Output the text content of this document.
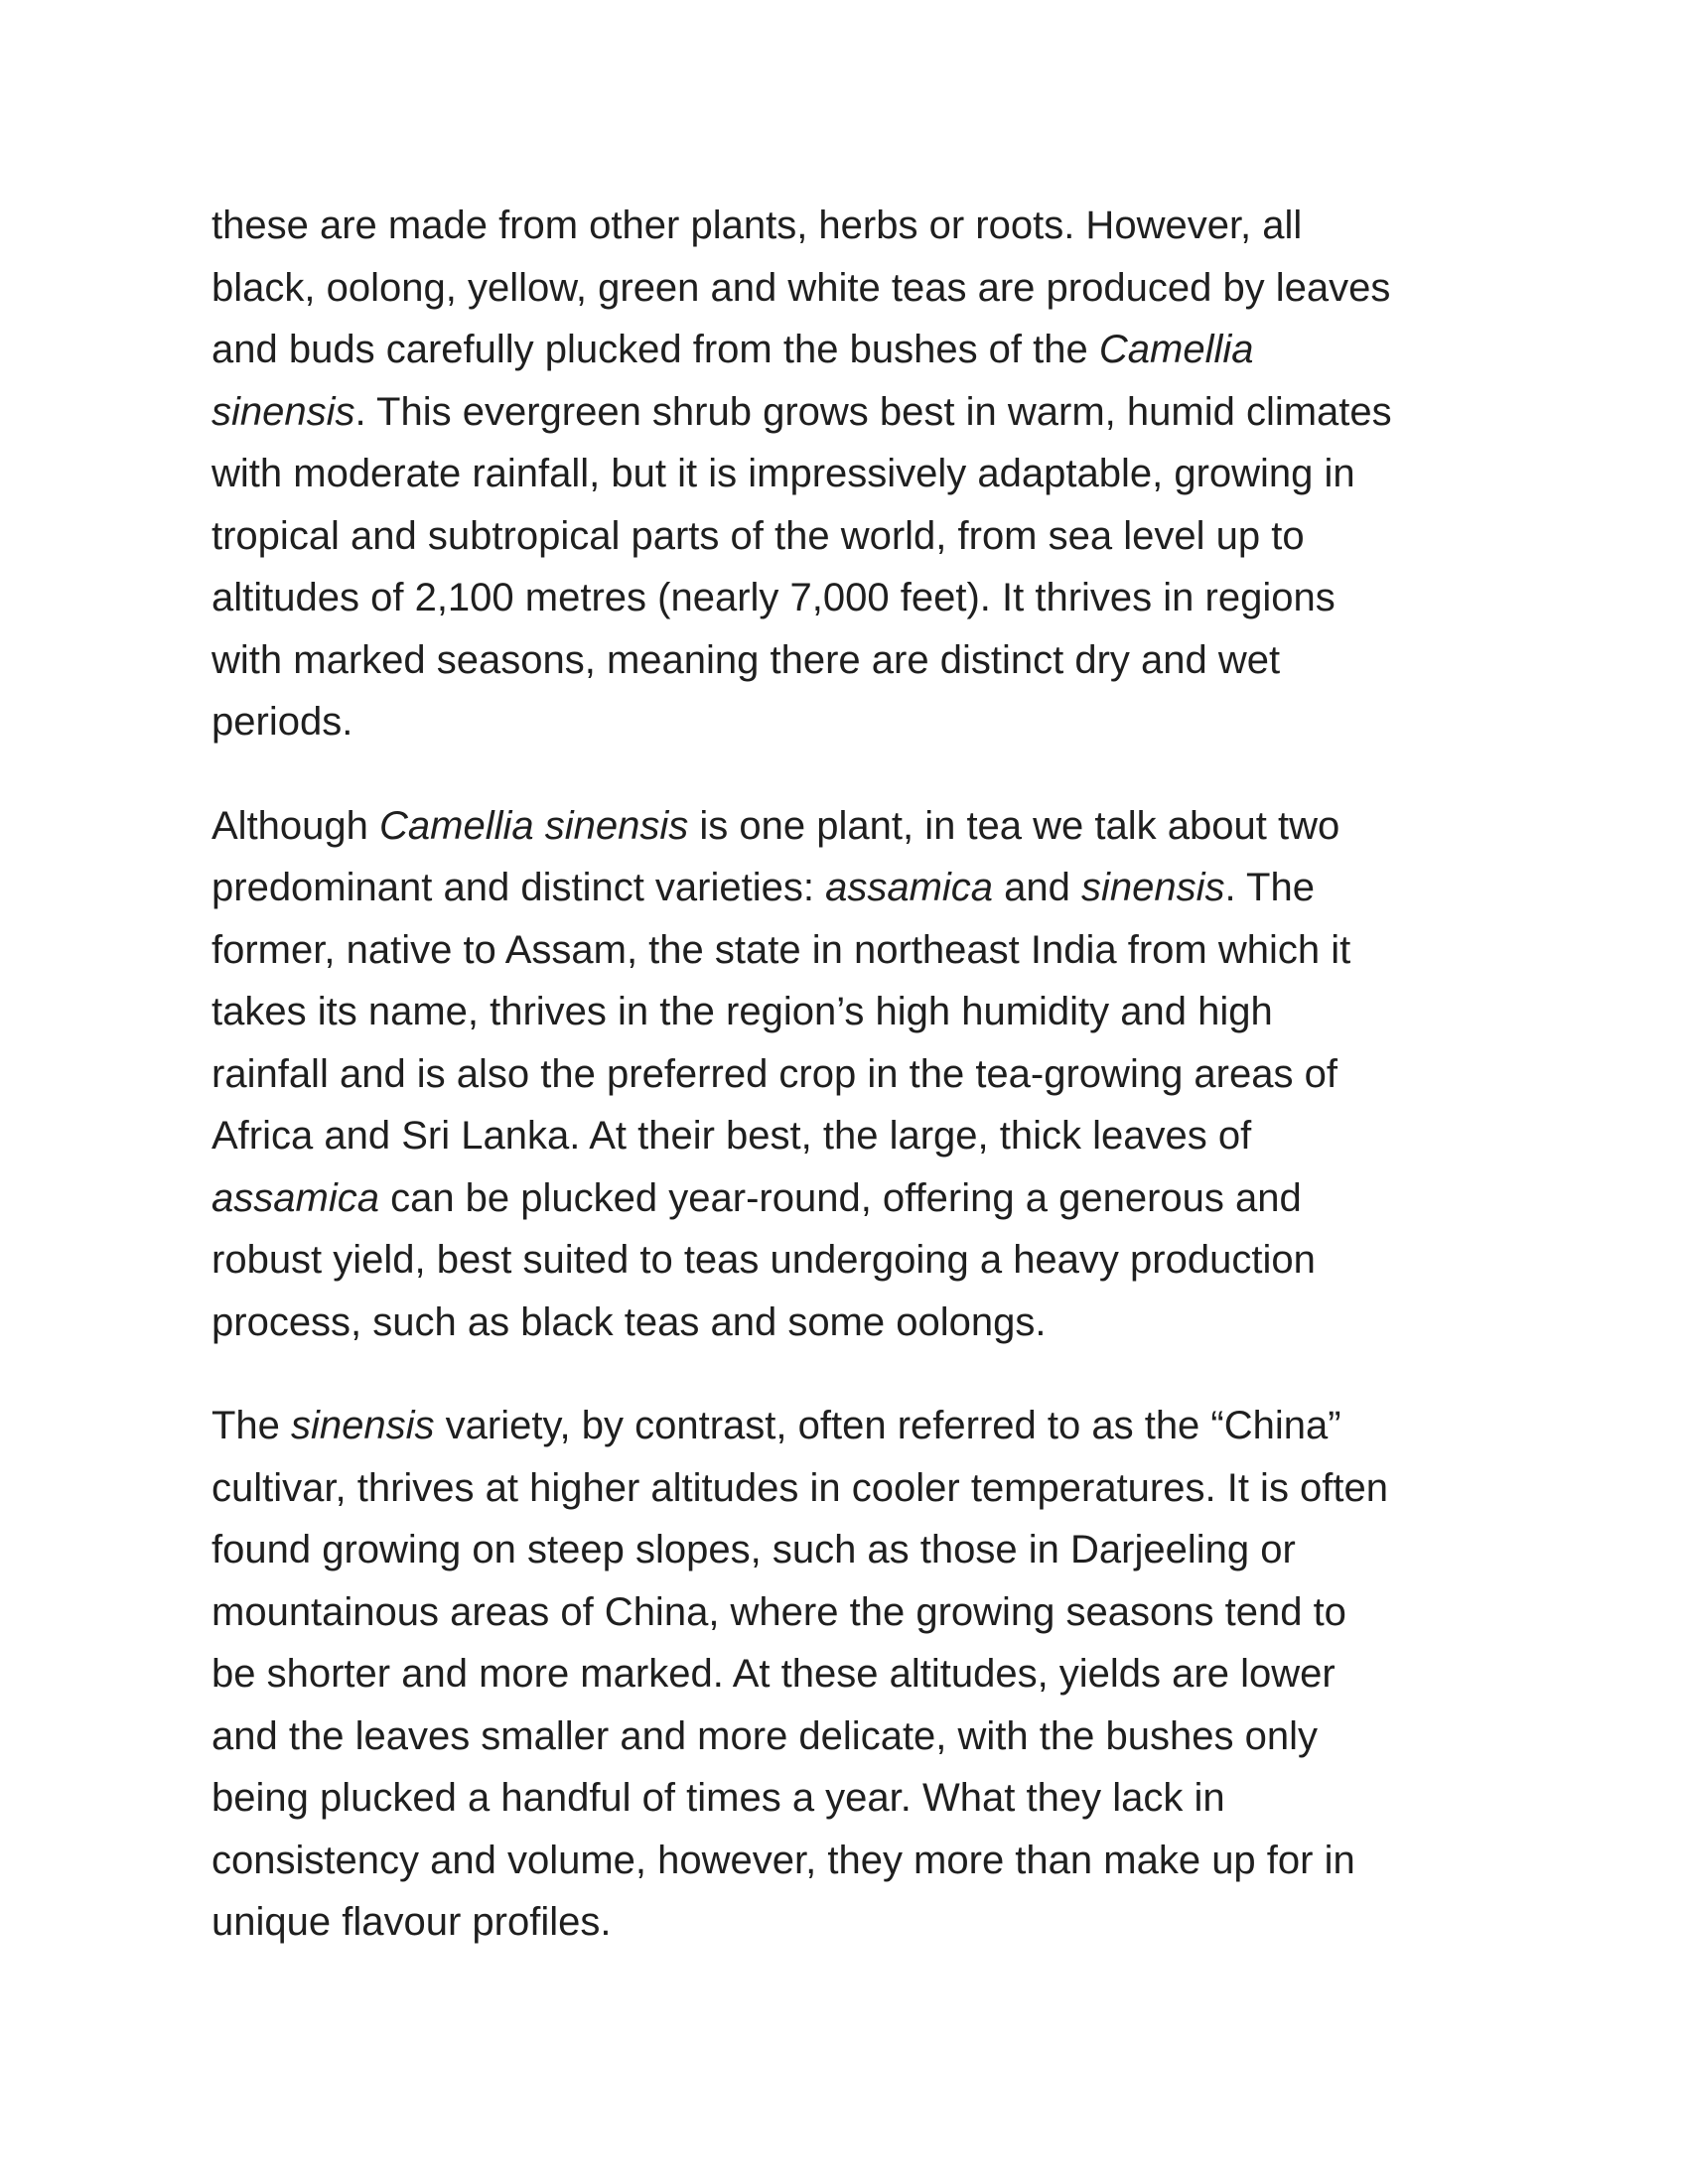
these are made from other plants, herbs or roots. However, all
black, oolong, yellow, green and white teas are produced by leaves
and buds carefully plucked from the bushes of the Camellia
sinensis. This evergreen shrub grows best in warm, humid climates
with moderate rainfall, but it is impressively adaptable, growing in
tropical and subtropical parts of the world, from sea level up to
altitudes of 2,100 metres (nearly 7,000 feet). It thrives in regions
with marked seasons, meaning there are distinct dry and wet
periods.

Although Camellia sinensis is one plant, in tea we talk about two
predominant and distinct varieties: assamica and sinensis. The
former, native to Assam, the state in northeast India from which it
takes its name, thrives in the region’s high humidity and high
rainfall and is also the preferred crop in the tea-growing areas of
Africa and Sri Lanka. At their best, the large, thick leaves of
assamica can be plucked year-round, offering a generous and
robust yield, best suited to teas undergoing a heavy production
process, such as black teas and some oolongs.

The sinensis variety, by contrast, often referred to as the “China”
cultivar, thrives at higher altitudes in cooler temperatures. It is often
found growing on steep slopes, such as those in Darjeeling or
mountainous areas of China, where the growing seasons tend to
be shorter and more marked. At these altitudes, yields are lower
and the leaves smaller and more delicate, with the bushes only
being plucked a handful of times a year. What they lack in
consistency and volume, however, they more than make up for in
unique flavour profiles.
